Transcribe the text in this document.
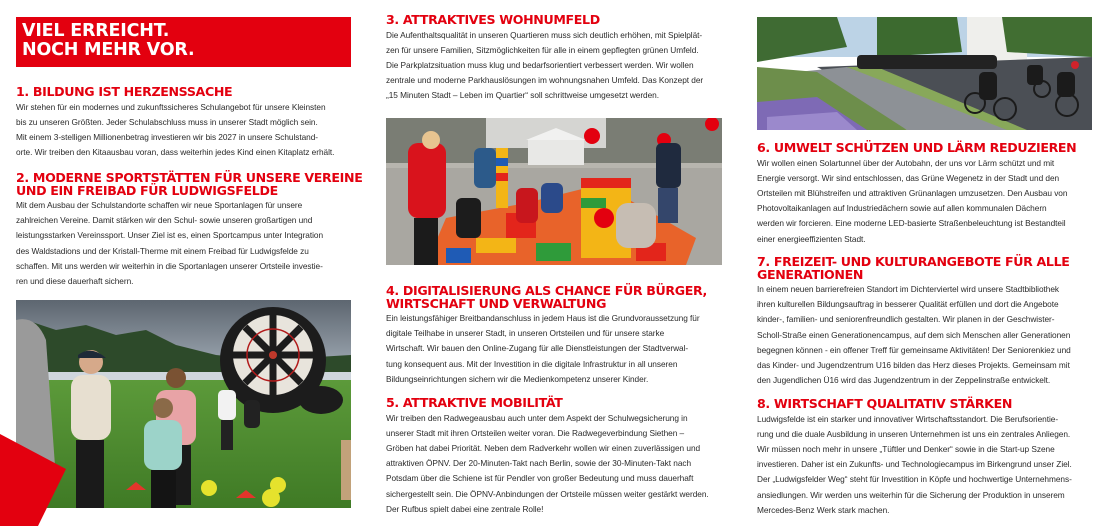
VIEL ERREICHT.
NOCH MEHR VOR.
1. BILDUNG IST HERZENSSACHE
Wir stehen für ein modernes und zukunftssicheres Schulangebot für unsere Kleinsten
bis zu unseren Größten. Jeder Schulabschluss muss in unserer Stadt möglich sein.
Mit einem 3-stelligen Millionenbetrag investieren wir bis 2027 in unsere Schulstand-
orte. Wir treiben den Kitaausbau voran, dass weiterhin jedes Kind einen Kitaplatz erhält.
2. MODERNE SPORTSTÄTTEN FÜR UNSERE VEREINE
UND EIN FREIBAD FÜR LUDWIGSFELDE
Mit dem Ausbau der Schulstandorte schaffen wir neue Sportanlagen für unsere
zahlreichen Vereine. Damit stärken wir den Schul- sowie unseren großartigen und
leistungsstarken Vereinssport. Unser Ziel ist es, einen Sportcampus unter Integration
des Waldstadions und der Kristall-Therme mit einem Freibad für Ludwigsfelde zu
schaffen. Mit uns werden wir weiterhin in die Sportanlagen unserer Ortsteile investie-
ren und diese dauerhaft sichern.
3. ATTRAKTIVES WOHNUMFELD
Die Aufenthaltsqualität in unseren Quartieren muss sich deutlich erhöhen, mit Spielplät-
zen für unsere Familien, Sitzmöglichkeiten für alle in einem gepflegten grünen Umfeld.
Die Parkplatzsituation muss klug und bedarfsorientiert verbessert werden. Wir wollen
zentrale und moderne Parkhauslösungen im wohnungsnahen Umfeld. Das Konzept der
„15 Minuten Stadt – Leben im Quartier“ soll schrittweise umgesetzt werden.
4. DIGITALISIERUNG ALS CHANCE FÜR BÜRGER,
WIRTSCHAFT UND VERWALTUNG
Ein leistungsfähiger Breitbandanschluss in jedem Haus ist die Grundvoraussetzung für
digitale Teilhabe in unserer Stadt, in unseren Ortsteilen und für unsere starke
Wirtschaft. Wir bauen den Online-Zugang für alle Dienstleistungen der Stadtverwal-
tung konsequent aus. Mit der Investition in die digitale Infrastruktur in all unseren
Bildungseinrichtungen sichern wir die Medienkompetenz unserer Kinder.
5. ATTRAKTIVE MOBILITÄT
Wir treiben den Radwegeausbau auch unter dem Aspekt der Schulwegsicherung in
unserer Stadt mit ihren Ortsteilen weiter voran. Die Radwegeverbindung Siethen –
Gröben hat dabei Priorität. Neben dem Radverkehr wollen wir einen zuverlässigen und
attraktiven ÖPNV. Der 20-Minuten-Takt nach Berlin, sowie der 30-Minuten-Takt nach
Potsdam über die Schiene ist für Pendler von großer Bedeutung und muss dauerhaft
sichergestellt sein. Die ÖPNV-Anbindungen der Ortsteile müssen weiter gestärkt werden.
Der Rufbus spielt dabei eine zentrale Rolle!
6. UMWELT SCHÜTZEN UND LÄRM REDUZIEREN
Wir wollen einen Solartunnel über der Autobahn, der uns vor Lärm schützt und mit
Energie versorgt. Wir sind entschlossen, das Grüne Wegenetz in der Stadt und den
Ortsteilen mit Blühstreifen und attraktiven Grünanlagen umzusetzen. Den Ausbau von
Photovoltaikanlagen auf Industriedächern sowie auf allen kommunalen Dächern
werden wir forcieren. Eine moderne LED-basierte Straßenbeleuchtung ist Bestandteil
einer energieeffizienten Stadt.
7. FREIZEIT- UND KULTURANGEBOTE FÜR ALLE
GENERATIONEN
In einem neuen barrierefreien Standort im Dichterviertel wird unsere Stadtbibliothek
ihren kulturellen Bildungsauftrag in besserer Qualität erfüllen und dort die Angebote
kinder-, familien- und seniorenfreundlich gestalten. Wir planen in der Geschwister-
Scholl-Straße einen Generationencampus, auf dem sich Menschen aller Generationen
begegnen können - ein offener Treff für gemeinsame Aktivitäten! Der Seniorenkiez und
das Kinder- und Jugendzentrum U16 bilden das Herz dieses Projekts. Gemeinsam mit
den Jugendlichen Ü16 wird das Jugendzentrum in der Zeppelinstraße entwickelt.
8. WIRTSCHAFT QUALITATIV STÄRKEN
Ludwigsfelde ist ein starker und innovativer Wirtschaftsstandort. Die Berufsorientie-
rung und die duale Ausbildung in unseren Unternehmen ist uns ein zentrales Anliegen.
Wir müssen noch mehr in unsere „Tüftler und Denker“ sowie in die Start-up Szene
investieren. Daher ist ein Zukunfts- und Technologiecampus im Birkengrund unser Ziel.
Der „Ludwigsfelder Weg“ steht für Investition in Köpfe und hochwertige Unternehmens-
ansiedlungen. Wir werden uns weiterhin für die Sicherung der Produktion in unserem
Mercedes-Benz Werk stark machen.
